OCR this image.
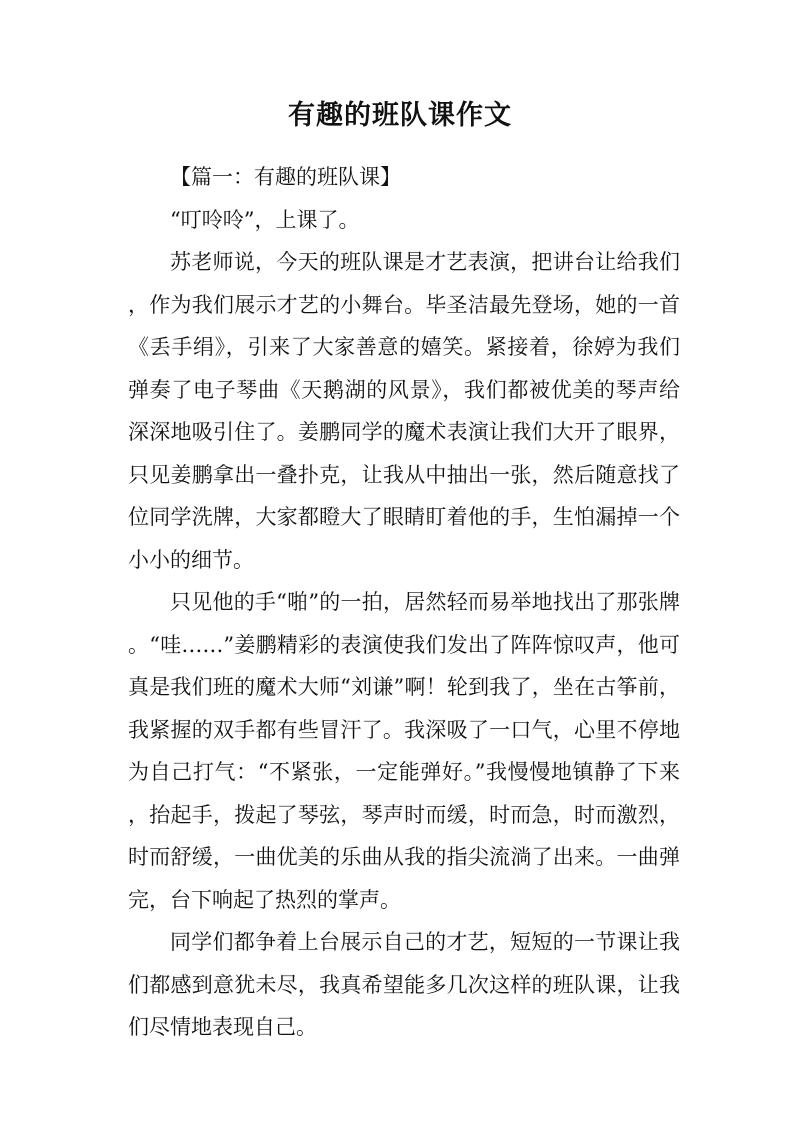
有趣的班队课作文

【篇一：有趣的班队课】

“叮呤呤”，上课了。

苏老师说，今天的班队课是才艺表演，把讲台让给我们，作为我们展示才艺的小舞台。毕圣洁最先登场，她的一首《丢手绢》，引来了大家善意的嬉笑。紧接着，徐婷为我们弹奏了电子琴曲《天鹅湖的风景》，我们都被优美的琴声给深深地吸引住了。姜鹏同学的魔术表演让我们大开了眼界，只见姜鹏拿出一叠扑克，让我从中抽出一张，然后随意找了位同学洗牌，大家都瞪大了眼睛盯着他的手，生怕漏掉一个小小的细节。

只见他的手“啪”的一拍，居然轻而易举地找出了那张牌。“哇……”姜鹏精彩的表演使我们发出了阵阵惊叹声，他可真是我们班的魔术大师“刘谦”啊！轮到我了，坐在古筝前，我紧握的双手都有些冒汗了。我深吸了一口气，心里不停地为自己打气：“不紧张，一定能弹好。”我慢慢地镇静了下来，抬起手，拨起了琴弦，琴声时而缓，时而急，时而激烈，时而舒缓，一曲优美的乐曲从我的指尖流淌了出来。一曲弹完，台下响起了热烈的掌声。

同学们都争着上台展示自己的才艺，短短的一节课让我们都感到意犹未尽，我真希望能多几次这样的班队课，让我们尽情地表现自己。
